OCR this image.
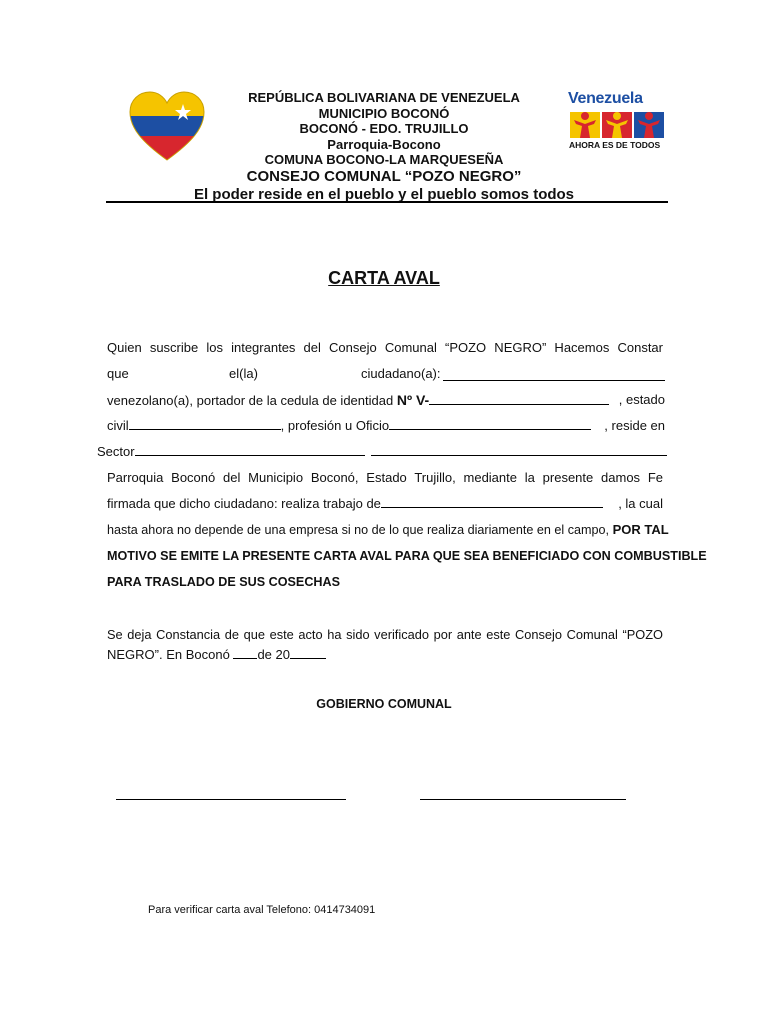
Venezuela
AHORA ES DE TODOS
REPÚBLICA BOLIVARIANA DE VENEZUELA
MUNICIPIO BOCONÓ
BOCONÓ - EDO. TRUJILLO
Parroquia-Bocono
COMUNA BOCONO-LA MARQUESEÑA
CONSEJO COMUNAL “POZO NEGRO”
El poder reside en el pueblo y el pueblo somos todos
CARTA AVAL
Quien suscribe los integrantes del Consejo Comunal “POZO NEGRO” Hacemos Constar
que	el(la)	ciudadano(a):
venezolano(a), portador de la cedula de identidad Nº V-	, estado
civil	, profesión u Oficio	, reside en
Sector
Parroquia Boconó del Municipio Boconó, Estado Trujillo, mediante la presente damos Fe
firmada que dicho ciudadano: realiza trabajo de	, la cual
hasta ahora no depende de una empresa si no de lo que realiza diariamente en el campo, POR TAL
MOTIVO SE EMITE LA PRESENTE CARTA AVAL PARA QUE SEA BENEFICIADO CON COMBUSTIBLE
PARA TRASLADO DE SUS COSECHAS
Se deja Constancia de que este acto ha sido verificado por ante este Consejo Comunal “POZO
NEGRO”. En Boconó de 20
GOBIERNO COMUNAL
Para verificar carta aval Telefono: 0414734091
